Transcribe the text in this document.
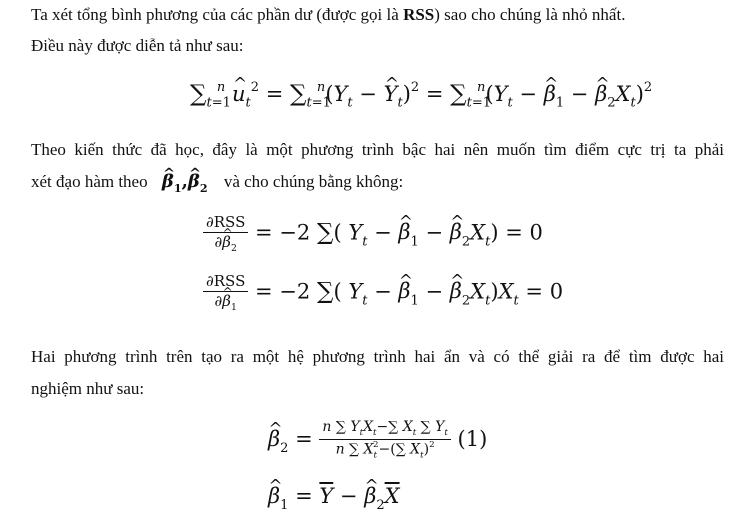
Ta xét tổng bình phương của các phần dư (được gọi là RSS) sao cho chúng là nhỏ nhất.
Điều này được diễn tả như sau:
$\sum_{t=1}^n$ ^ $u_t^2 = \sum_{t=1}^n(Y_t$ − ^ $Y_t)^2 = \sum_{t=1}^n(Y_t$ − ^ $\beta_1$ − ^ $\beta_2X_t)^2$
Theo kiến thức đã học, đây là một phương trình bậc hai nên muốn tìm điểm cực trị ta phải
xét đạo hàm theo ^ $\beta_1,\^{}$ $\beta_2$ và cho chúng bằng không:
$\frac{\text{∂RSS}}{\partial\^{} \beta_2} = -2$ ∑( $Y_t$ − ^ $\beta_1$ − ^ $\beta_2X_t) = 0$
$\frac{\text{∂RSS}}{\partial\^{} \beta_1} = -2$ ∑( $Y_t$ − ^ $\beta_1$ − ^ $\beta_2X_t)X_t = 0$
Hai phương trình trên tạo ra một hệ phương trình hai ẩn và có thể giải ra để tìm được hai
nghiệm như sau:
^ $\beta_2 = \frac{n \sum Y_tX_t-\sum X_t \sum Y_t}{n \sum X_t^2-(\sum X_t)^2} (1)$
^ $\beta_1 = \overline{Y}$ − ^ $\beta_2\overline{X}$
